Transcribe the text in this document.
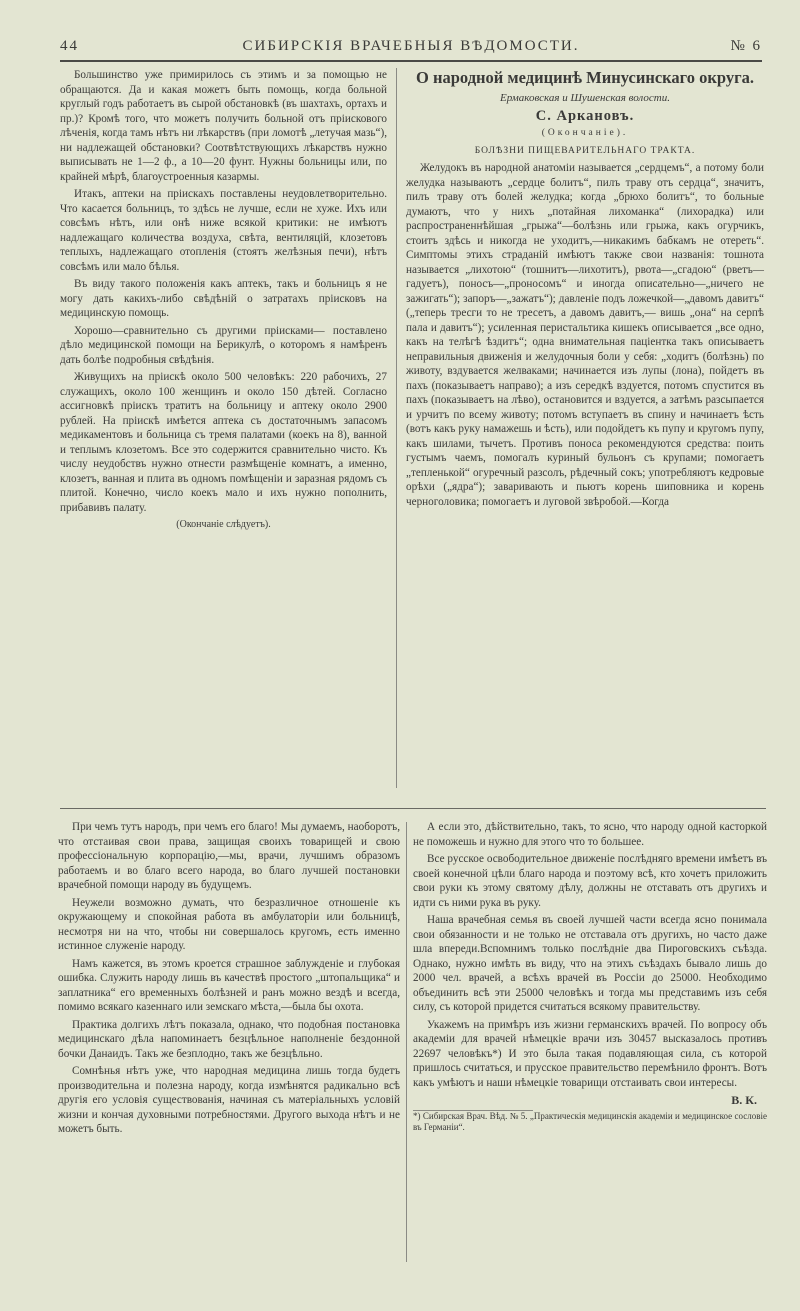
44	СИБИРСКІЯ ВРАЧЕБНЫЯ ВѢДОМОСТИ.	№ 6

Большинство уже примирилось съ этимъ и за помощью не обращаются. Да и какая можетъ быть помощь, когда больной круглый годъ работаетъ въ сырой обстановкѣ (въ шахтахъ, ортахъ и пр.)? Кромѣ того, что можетъ получить больной отъ пріискового лѣченія, когда тамъ нѣтъ ни лѣкарствъ (при ломотѣ „летучая мазь“), ни надлежащей обстановки? Соотвѣтствующихъ лѣкарствъ нужно выписывать не 1—2 ф., а 10—20 фунт. Нужны больницы или, по крайней мѣрѣ, благоустроенныя казармы.

Итакъ, аптеки на пріискахъ поставлены неудовлетворительно. Что касается больницъ, то здѣсь не лучше, если не хуже. Ихъ или совсѣмъ нѣтъ, или онѣ ниже всякой критики: не имѣютъ надлежащаго количества воздуха, свѣта, вентиляцій, клозетовъ теплыхъ, надлежащаго отопленія (стоятъ желѣзныя печи), нѣтъ совсѣмъ или мало бѣлья.

Въ виду такого положенія какъ аптекъ, такъ и больницъ я не могу дать какихъ-либо свѣдѣній о затратахъ пріисковъ на медицинскую помощь.

Хорошо—сравнительно съ другими пріисками— поставлено дѣло медицинской помощи на Берикулѣ, о которомъ я намѣренъ дать болѣе подробныя свѣдѣнія.

Живущихъ на пріискѣ около 500 человѣкъ: 220 рабочихъ, 27 служащихъ, около 100 женщинъ и около 150 дѣтей. Согласно ассигновкѣ пріискъ тратитъ на больницу и аптеку около 2900 рублей. На пріискѣ имѣется аптека съ достаточнымъ запасомъ медикаментовъ и больница съ тремя палатами (коекъ на 8), ванной и теплымъ клозетомъ. Все это содержится сравнительно чисто. Къ числу неудобствъ нужно отнести размѣщеніе комнатъ, а именно, клозетъ, ванная и плита въ одномъ помѣщеніи и заразная рядомъ съ плитой. Конечно, число коекъ мало и ихъ нужно пополнить, прибавивъ палату.

(Окончаніе слѣдуетъ).

О народной медицинѣ Минусинскаго округа.

Ермаковская и Шушенская волости.

С. Аркановъ.

(Окончаніе).

БОЛѢЗНИ ПИЩЕВАРИТЕЛЬНАГО ТРАКТА.

Желудокъ въ народной анатоміи называется „сердцемъ“, а потому боли желудка называютъ „сердце болитъ“, пилъ траву отъ сердца“, значитъ, пилъ траву отъ болей желудка; когда „брюхо болитъ“, то больные думаютъ, что у нихъ „потайная лихоманка“ (лихорадка) или распространеннѣйшая „грыжа“—болѣзнь или грыжа, какъ огурчикъ, стоитъ здѣсь и никогда не уходитъ,—никакимъ бабкамъ не отереть“. Симптомы этихъ страданій имѣютъ также свои названія: тошнота называется „лихотою“ (тошнитъ—лихотитъ), рвота—„сгадою“ (рветъ—гадуетъ), поносъ—„проносомъ“ и иногда описательно—„ничего не зажигать“); запоръ—„зажатъ“); давленіе подъ ложечкой—„давомъ давитъ“ („теперь тресги то не тресетъ, а давомъ давитъ,— вишь „она“ на серпѣ пала и давитъ“); усиленная перистальтика кишекъ описывается „все одно, какъ на телѣгѣ ѣздитъ“; одна внимательная паціентка такъ описываетъ неправильныя движенія и желудочныя боли у себя: „ходитъ (болѣзнь) по животу, вздувается желваками; начинается изъ лупы (лона), пойдетъ въ пахъ (показываетъ направо); а изъ середкѣ вздуется, потомъ спустится въ пахъ (показываетъ на лѣво), остановится и вздуется, а затѣмъ разсыпается и урчитъ по всему животу; потомъ вступаетъ въ спину и начинаетъ ѣсть (вотъ какъ руку намажешь и ѣсть), или подойдетъ къ пупу и кругомъ пупу, какъ шилами, тычетъ. Противъ поноса рекомендуются средства: поить густымъ чаемъ, помогалъ куриный бульонъ съ крупами; помогаетъ „тепленькой“ огуречный разсолъ, рѣдечный сокъ; употребляютъ кедровые орѣхи („ядра“); заваривають и пьютъ корень шиповника и корень черноголовика; помогаетъ и луговой звѣробой.—Когда

При чемъ тутъ народъ, при чемъ его благо! Мы думаемъ, наоборотъ, что отстаивая свои права, защищая своихъ товарищей и свою профессіональную корпорацію,—мы, врачи, лучшимъ образомъ работаемъ и во благо всего народа, во благо лучшей постановки врачебной помощи народу въ будущемъ.

Неужели возможно думать, что безразличное отношеніе къ окружающему и спокойная работа въ амбулаторіи или больницѣ, несмотря ни на что, чтобы ни совершалось кругомъ, есть именно истинное служеніе народу.

Намъ кажется, въ этомъ кроется страшное заблужденіе и глубокая ошибка. Служить народу лишь въ качествѣ простого „штопальщика“ и заплатника“ его временныхъ болѣзней и ранъ можно вездѣ и всегда, помимо всякаго казеннаго или земскаго мѣста,—была бы охота.

Практика долгихъ лѣтъ показала, однако, что подобная постановка медицинскаго дѣла напоминаетъ безцѣльное наполненіе бездонной бочки Данаидъ. Такъ же безплодно, такъ же безцѣльно.

Сомнѣнья нѣтъ уже, что народная медицина лишь тогда будетъ производительна и полезна народу, когда измѣнятся радикально всѣ другія его условія существованія, начиная съ матеріальныхъ условій жизни и кончая духовными потребностями. Другого выхода нѣтъ и не можетъ быть.

А если это, дѣйствительно, такъ, то ясно, что народу одной касторкой не поможешь и нужно для этого что то большее.

Все русское освободительное движеніе послѣдняго времени имѣетъ въ своей конечной цѣли благо народа и поэтому всѣ, кто хочетъ приложить свои руки къ этому святому дѣлу, должны не отставать отъ другихъ и идти съ ними рука въ руку.

Наша врачебная семья въ своей лучшей части всегда ясно понимала свои обязанности и не только не отставала отъ другихъ, но часто даже шла впереди.Вспомнимъ только послѣдніе два Пироговскихъ съѣзда. Однако, нужно имѣть въ виду, что на этихъ съѣздахъ бывало лишь до 2000 чел. врачей, а всѣхъ врачей въ Россіи до 25000. Необходимо объединить всѣ эти 25000 человѣкъ и тогда мы представимъ изъ себя силу, съ которой придется считаться всякому правительству.

Укажемъ на примѣръ изъ жизни германскихъ врачей. По вопросу объ академіи для врачей нѣмецкіе врачи изъ 30457 высказалось противъ 22697 человѣкъ*) И это была такая подавляющая сила, съ которой пришлось считаться, и прусское правительство перемѣнило фронтъ. Вотъ какъ умѣютъ и наши нѣмецкіе товарищи отстаивать свои интересы.

В. К.

*) Сибирская Врач. Вѣд. № 5. „Практическія медицинскія академіи и медицинское сословіе въ Германіи“.
